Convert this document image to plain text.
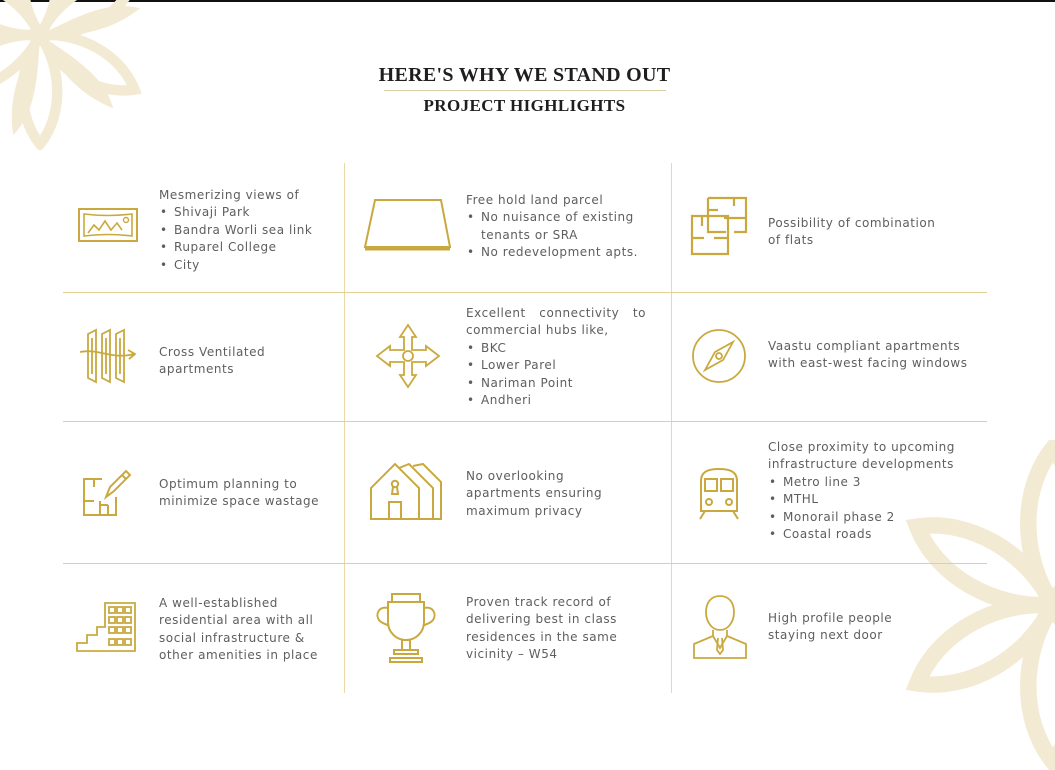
HERE'S WHY WE STAND OUT
PROJECT HIGHLIGHTS
Mesmerizing views of
• Shivaji Park
• Bandra Worli sea link
• Ruparel College
• City
Free hold land parcel
• No nuisance of existing
tenants or SRA
• No redevelopment apts.
Possibility of combination
of flats
Cross Ventilated
apartments
Excellent connectivity to
commercial hubs like,
• BKC
• Lower Parel
• Nariman Point
• Andheri
Vaastu compliant apartments
with east-west facing windows
Optimum planning to
minimize space wastage
No overlooking
apartments ensuring
maximum privacy
Close proximity to upcoming
infrastructure developments
• Metro line 3
• MTHL
• Monorail phase 2
• Coastal roads
A well-established
residential area with all
social infrastructure &
other amenities in place
Proven track record of
delivering best in class
residences in the same
vicinity – W54
High profile people
staying next door
